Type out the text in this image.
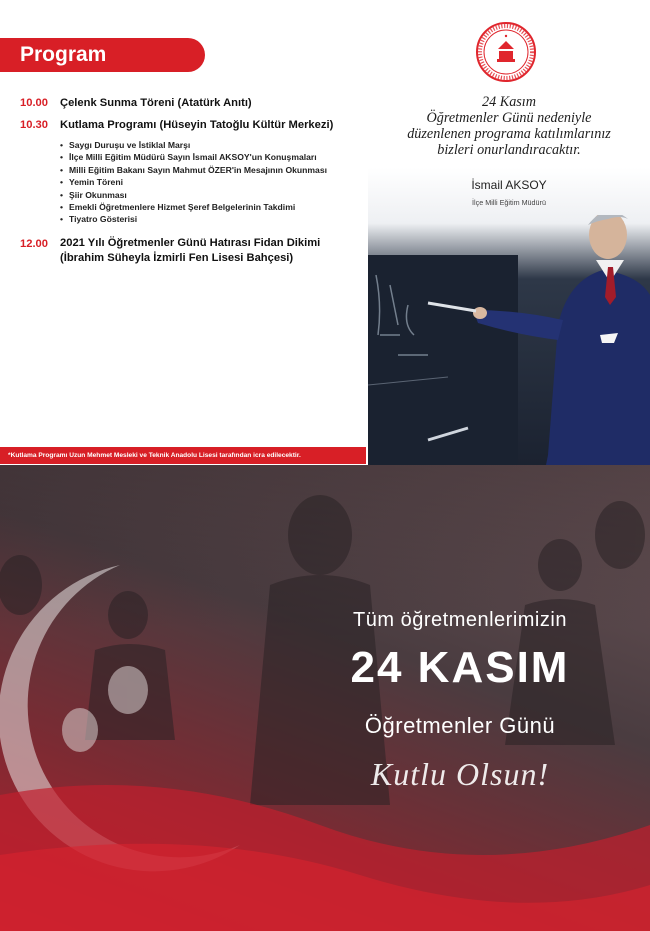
Program
10.00	Çelenk Sunma Töreni (Atatürk Anıtı)
10.30	Kutlama Programı (Hüseyin Tatoğlu Kültür Merkezi)
• Saygı Duruşu ve İstiklal Marşı
• İlçe Milli Eğitim Müdürü Sayın İsmail AKSOY'un Konuşmaları
• Milli Eğitim Bakanı Sayın Mahmut ÖZER'in Mesajının Okunması
• Yemin Töreni
• Şiir Okunması
• Emekli Öğretmenlere Hizmet Şeref Belgelerinin Takdimi
• Tiyatro Gösterisi
12.00	2021 Yılı Öğretmenler Günü Hatırası Fidan Dikimi
(İbrahim Süheyla İzmirli Fen Lisesi Bahçesi)
*Kutlama Programı Uzun Mehmet Mesleki ve Teknik Anadolu Lisesi tarafından icra edilecektir.
24 Kasım
Öğretmenler Günü nedeniyle
düzenlenen programa katılımlarınız
bizleri onurlandıracaktır.
İsmail AKSOY
İlçe Milli Eğitim Müdürü
Tüm öğretmenlerimizin
24 KASIM
Öğretmenler Günü
Kutlu Olsun!
